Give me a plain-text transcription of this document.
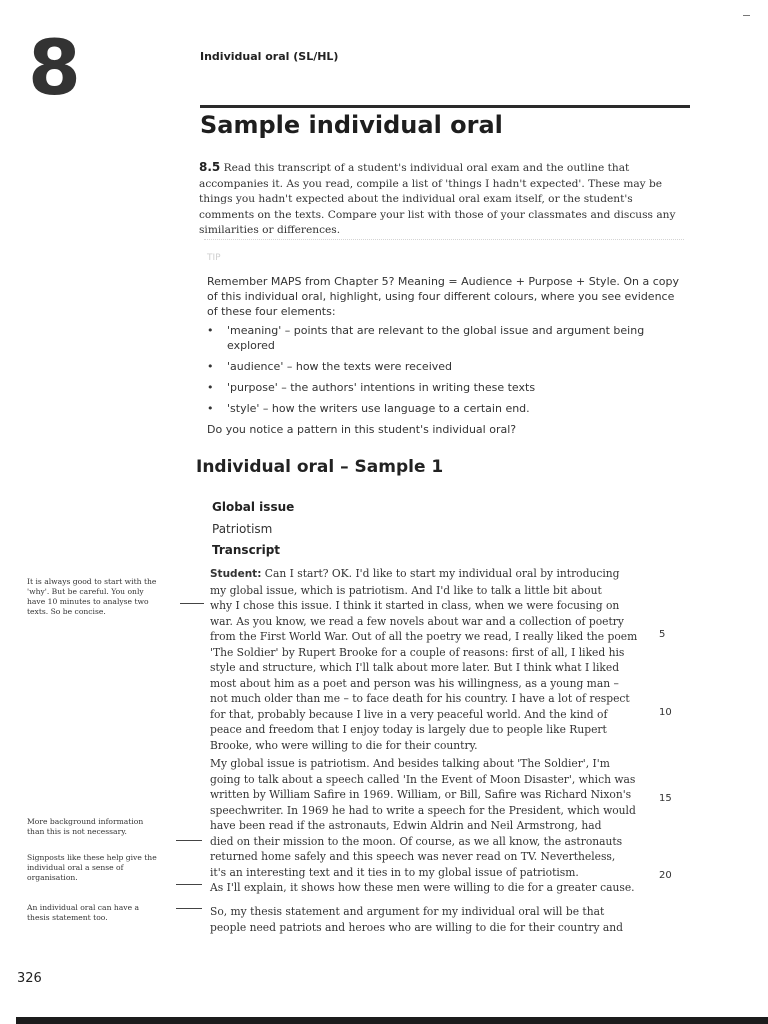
8	Individual oral (SL/HL)
Sample individual oral

8.5 Read this transcript of a student's individual oral exam and the outline that accompanies it. As you read, compile a list of 'things I hadn't expected'. These may be things you hadn't expected about the individual oral exam itself, or the student's comments on the texts. Compare your list with those of your classmates and discuss any similarities or differences.

TIP

Remember MAPS from Chapter 5? Meaning = Audience + Purpose + Style. On a copy of this individual oral, highlight, using four different colours, where you see evidence of these four elements:

• 'meaning' – points that are relevant to the global issue and argument being explored
• 'audience' – how the texts were received
• 'purpose' – the authors' intentions in writing these texts
• 'style' – how the writers use language to a certain end.

Do you notice a pattern in this student's individual oral?

Individual oral – Sample 1
Global issue
Patriotism
Transcript

Student: Can I start? OK. I'd like to start my individual oral by introducing
my global issue, which is patriotism. And I'd like to talk a little bit about
why I chose this issue. I think it started in class, when we were focusing on
war. As you know, we read a few novels about war and a collection of poetry
from the First World War. Out of all the poetry we read, I really liked the poem
'The Soldier' by Rupert Brooke for a couple of reasons: first of all, I liked his
style and structure, which I'll talk about more later. But I think what I liked
most about him as a poet and person was his willingness, as a young man –
not much older than me – to face death for his country. I have a lot of respect
for that, probably because I live in a very peaceful world. And the kind of
peace and freedom that I enjoy today is largely due to people like Rupert
Brooke, who were willing to die for their country.

My global issue is patriotism. And besides talking about 'The Soldier', I'm
going to talk about a speech called 'In the Event of Moon Disaster', which was
written by William Safire in 1969. William, or Bill, Safire was Richard Nixon's
speechwriter. In 1969 he had to write a speech for the President, which would
have been read if the astronauts, Edwin Aldrin and Neil Armstrong, had
died on their mission to the moon. Of course, as we all know, the astronauts
returned home safely and this speech was never read on TV. Nevertheless,
it's an interesting text and it ties in to my global issue of patriotism.
As I'll explain, it shows how these men were willing to die for a greater cause.

So, my thesis statement and argument for my individual oral will be that
people need patriots and heroes who are willing to die for their country and

5
10
15
20

It is always good to start with the 'why'. But be careful. You only have 10 minutes to analyse two texts. So be concise.

More background information than this is not necessary.

Signposts like these help give the individual oral a sense of organisation.

An individual oral can have a thesis statement too.

326
